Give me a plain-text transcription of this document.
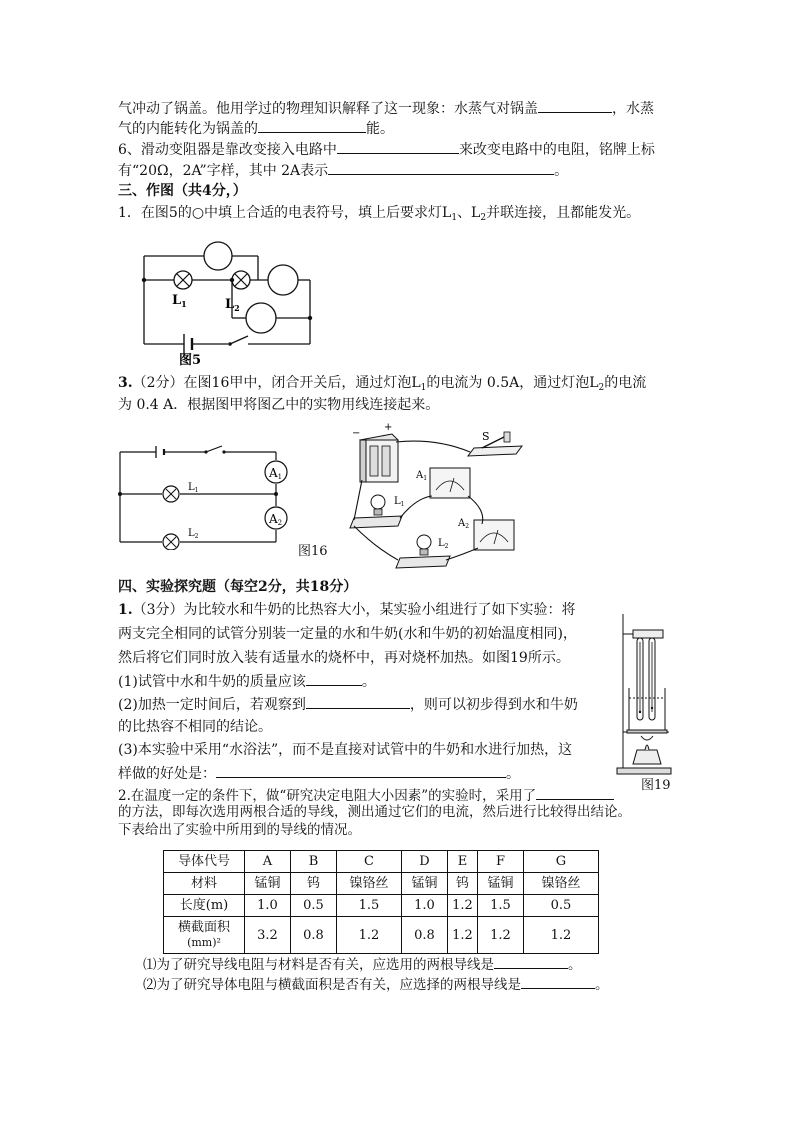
气冲动了锅盖。他用学过的物理知识解释了这一现象：水蒸气对锅盖	，水蒸
气的内能转化为锅盖的	能。
6、滑动变阻器是靠改变接入电路中	来改变电路中的电阻，铭牌上标
有“20Ω，2A”字样，其中 2A表示	。
三、作图（共4分，）
1．在图5的○中填上合适的电表符号，填上后要求灯$L_1$、$L_2$并联连接，且都能发光。
$L_1$	$L_2$
图5
3.（2分）在图16甲中，闭合开关后，通过灯泡$L_1$的电流为 0.5A，通过灯泡$L_2$的电流
为 0.4 A．根据图甲将图乙中的实物用线连接起来。
A1
A2
$L_1$
$L_2$
图16
−
+
S
$A_1$
$L_1$
$A_2$
$L_2$
四、实验探究题（每空2分，共18分）
1.（3分）为比较水和牛奶的比热容大小，某实验小组进行了如下实验：将
两支完全相同的试管分别装一定量的水和牛奶(水和牛奶的初始温度相同)，
然后将它们同时放入装有适量水的烧杯中，再对烧杯加热。如图19所示。
(1)试管中水和牛奶的质量应该	。
(2)加热一定时间后，若观察到	，则可以初步得到水和牛奶
的比热容不相同的结论。
(3)本实验中采用“水浴法”，而不是直接对试管中的牛奶和水进行加热，这
样做的好处是：	。
图19
2.在温度一定的条件下，做“研究决定电阻大小因素”的实验时，采用了
的方法，即每次选用两根合适的导线，测出通过它们的电流，然后进行比较得出结论。
下表给出了实验中所用到的导线的情况。
导体代号	A	B	C	D	E	F	G
材料	锰铜	钨	镍铬丝	锰铜	钨	锰铜	镍铬丝
长度(m)	1.0	0.5	1.5	1.0	1.2	1.5	0.5
横截面积
(mm)²	3.2	0.8	1.2	0.8	1.2	1.2	1.2
⑴为了研究导线电阻与材料是否有关，应选用的两根导线是	。
⑵为了研究导体电阻与横截面积是否有关，应选择的两根导线是	。
